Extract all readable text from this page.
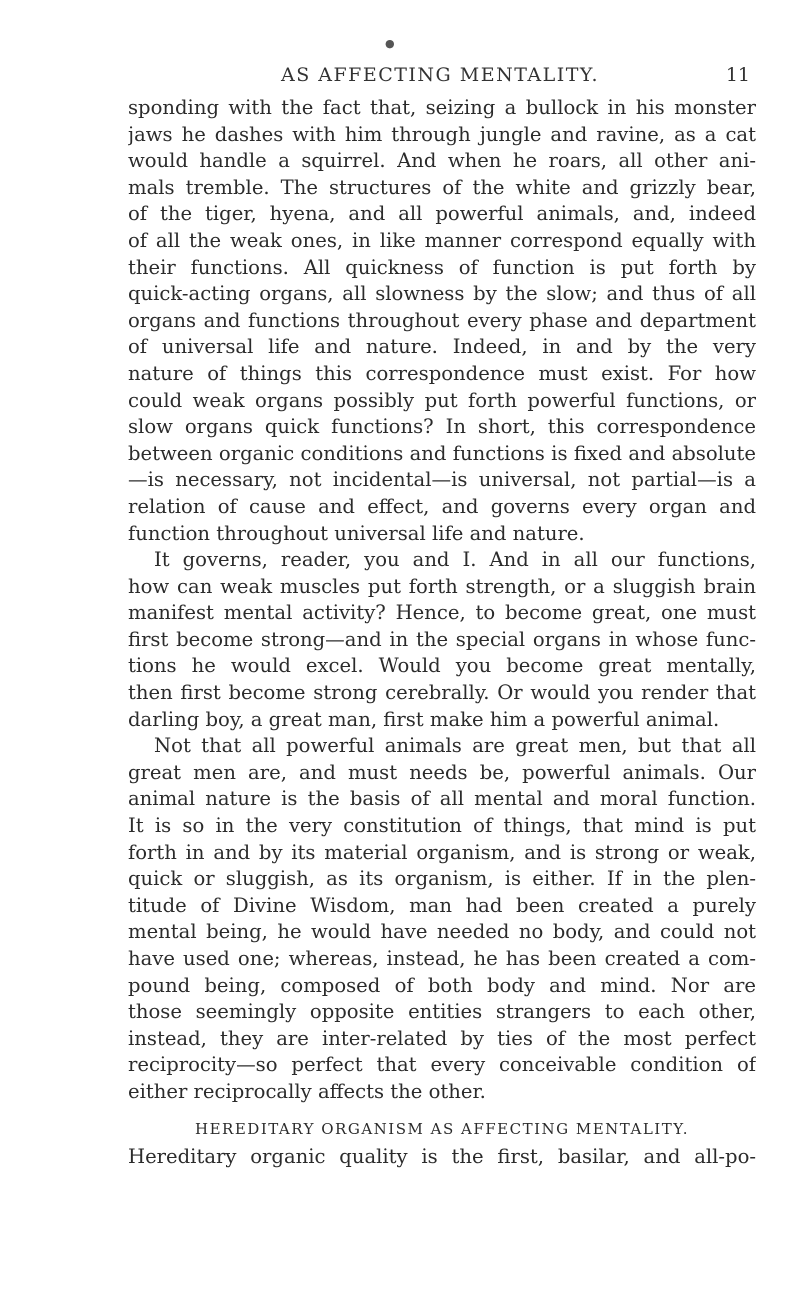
●
AS AFFECTING MENTALITY.	11
sponding with the fact that, seizing a bullock in his monster
jaws he dashes with him through jungle and ravine, as a cat
would handle a squirrel. And when he roars, all other ani-
mals tremble. The structures of the white and grizzly bear,
of the tiger, hyena, and all powerful animals, and, indeed
of all the weak ones, in like manner correspond equally with
their functions. All quickness of function is put forth by
quick-acting organs, all slowness by the slow; and thus of all
organs and functions throughout every phase and department
of universal life and nature. Indeed, in and by the very
nature of things this correspondence must exist. For how
could weak organs possibly put forth powerful functions, or
slow organs quick functions? In short, this correspondence
between organic conditions and functions is fixed and absolute
—is necessary, not incidental—is universal, not partial—is a
relation of cause and effect, and governs every organ and
function throughout universal life and nature.
It governs, reader, you and I. And in all our functions,
how can weak muscles put forth strength, or a sluggish brain
manifest mental activity? Hence, to become great, one must
first become strong—and in the special organs in whose func-
tions he would excel. Would you become great mentally,
then first become strong cerebrally. Or would you render that
darling boy, a great man, first make him a powerful animal.
Not that all powerful animals are great men, but that all
great men are, and must needs be, powerful animals. Our
animal nature is the basis of all mental and moral function.
It is so in the very constitution of things, that mind is put
forth in and by its material organism, and is strong or weak,
quick or sluggish, as its organism, is either. If in the plen-
titude of Divine Wisdom, man had been created a purely
mental being, he would have needed no body, and could not
have used one; whereas, instead, he has been created a com-
pound being, composed of both body and mind. Nor are
those seemingly opposite entities strangers to each other,
instead, they are inter-related by ties of the most perfect
reciprocity—so perfect that every conceivable condition of
either reciprocally affects the other.
HEREDITARY ORGANISM AS AFFECTING MENTALITY.
Hereditary organic quality is the first, basilar, and all-po-
